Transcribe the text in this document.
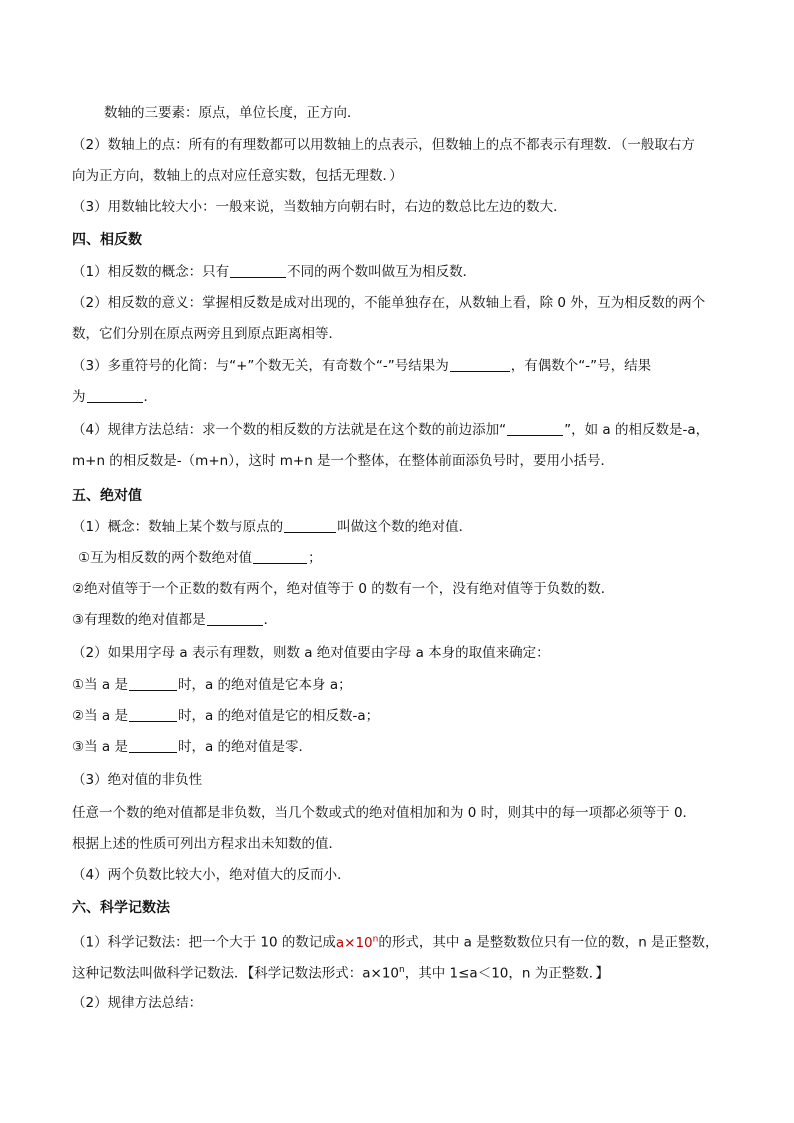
数轴的三要素：原点，单位长度，正方向．
（2）数轴上的点：所有的有理数都可以用数轴上的点表示，但数轴上的点不都表示有理数．（一般取右方
向为正方向，数轴上的点对应任意实数，包括无理数．）
（3）用数轴比较大小：一般来说，当数轴方向朝右时，右边的数总比左边的数大．
四、相反数
（1）相反数的概念：只有	不同的两个数叫做互为相反数．
（2）相反数的意义：掌握相反数是成对出现的，不能单独存在，从数轴上看，除 0 外，互为相反数的两个
数，它们分别在原点两旁且到原点距离相等．
（3）多重符号的化简：与“+”个数无关，有奇数个“-”号结果为	，有偶数个“-”号，结果
为	．
（4）规律方法总结：求一个数的相反数的方法就是在这个数的前边添加“	”，如 a 的相反数是-a，
m+n 的相反数是-（m+n），这时 m+n 是一个整体，在整体前面添负号时，要用小括号．
五、绝对值
（1）概念：数轴上某个数与原点的	叫做这个数的绝对值．
①互为相反数的两个数绝对值	；
②绝对值等于一个正数的数有两个，绝对值等于 0 的数有一个，没有绝对值等于负数的数．
③有理数的绝对值都是	．
（2）如果用字母 a 表示有理数，则数 a 绝对值要由字母 a 本身的取值来确定：
①当 a 是	时，a 的绝对值是它本身 a；
②当 a 是	时，a 的绝对值是它的相反数-a；
③当 a 是	时，a 的绝对值是零．
（3）绝对值的非负性
任意一个数的绝对值都是非负数，当几个数或式的绝对值相加和为 0 时，则其中的每一项都必须等于 0．
根据上述的性质可列出方程求出未知数的值．
（4）两个负数比较大小，绝对值大的反而小．
六、科学记数法
（1）科学记数法：把一个大于 10 的数记成$a\times 10^n$的形式，其中 a 是整数数位只有一位的数，n 是正整数，
这种记数法叫做科学记数法．【科学记数法形式：$a\times 10^n$，其中 1≤a＜10，n 为正整数．】
（2）规律方法总结：
